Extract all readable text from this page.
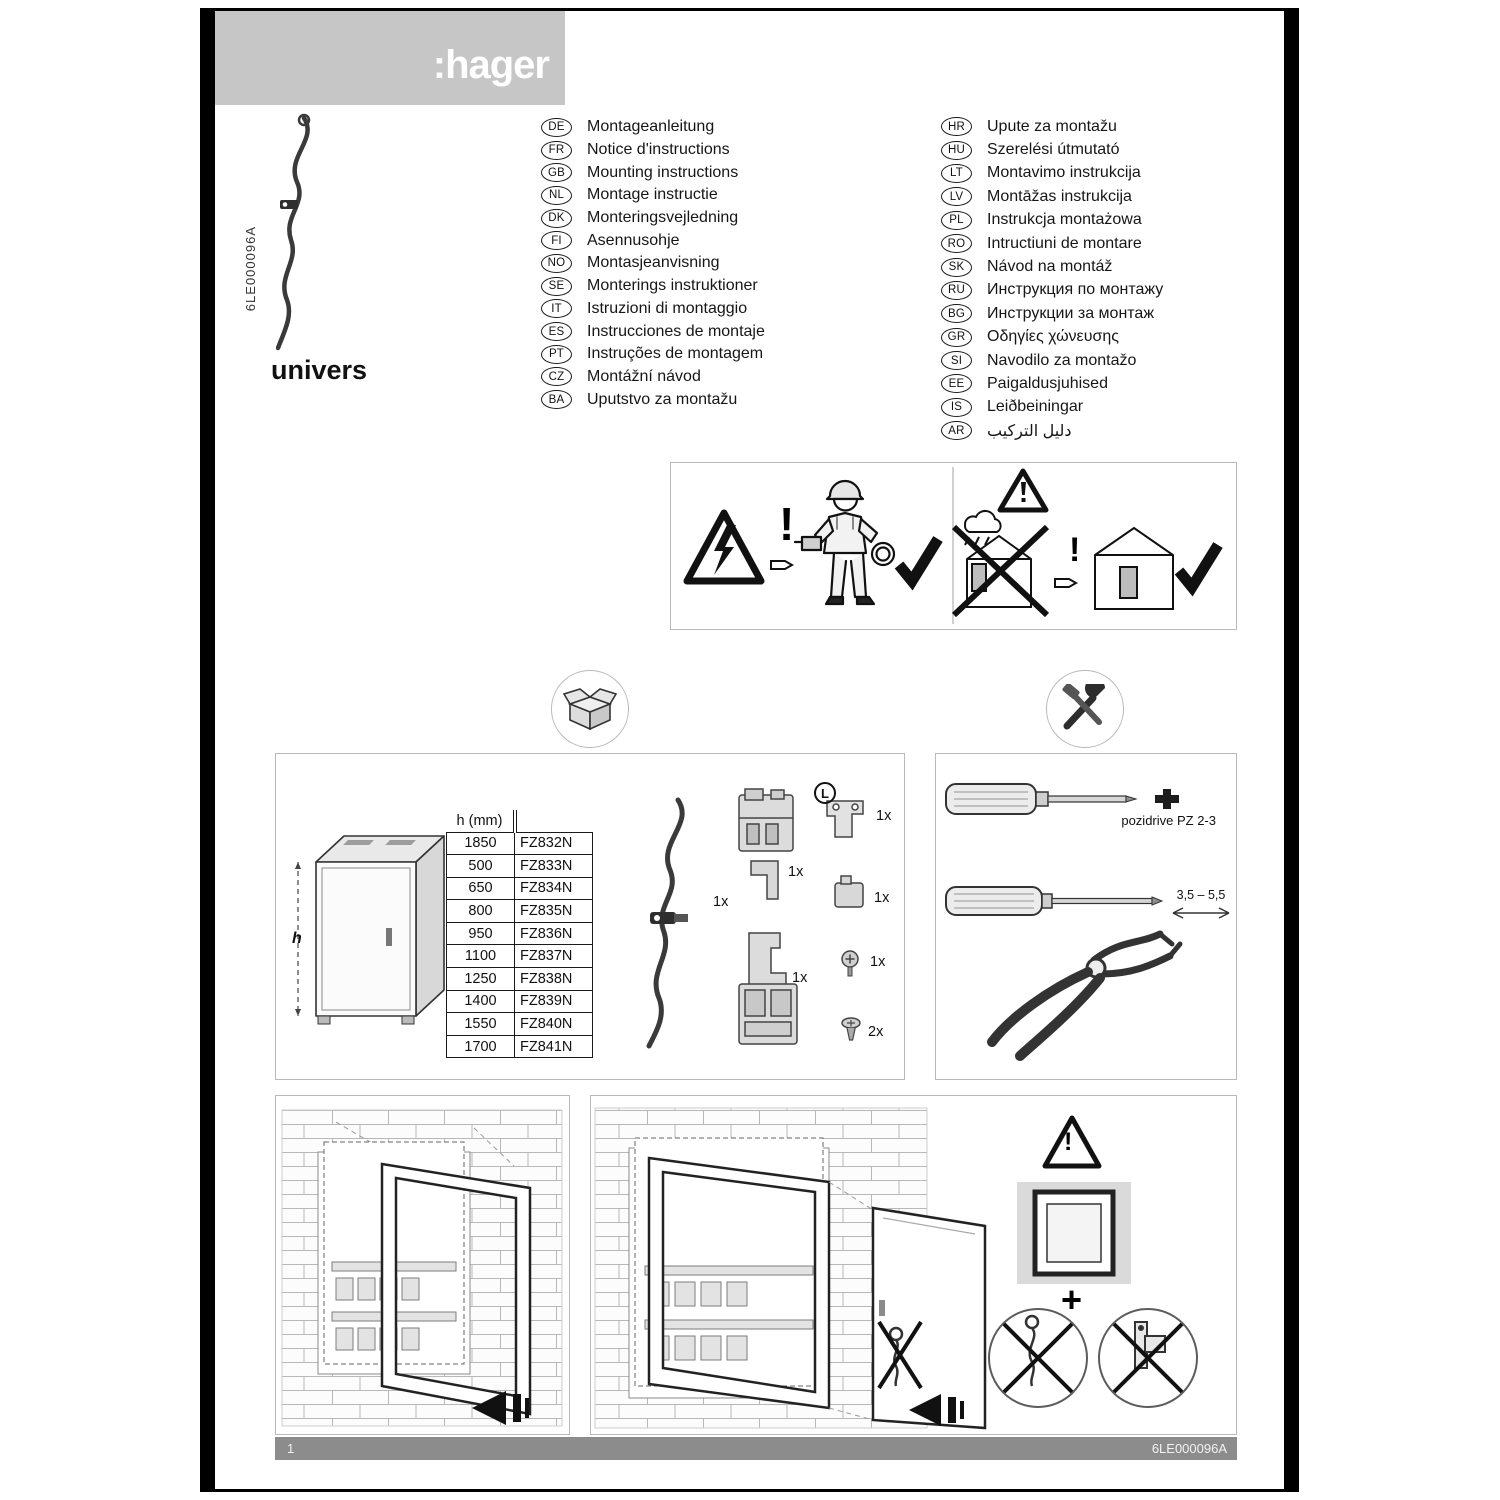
:hager
6LE000096A
univers
DE	Montageanleitung
FR	Notice d'instructions
GB	Mounting instructions
NL	Montage instructie
DK	Monteringsvejledning
FI	Asennusohje
NO	Montasjeanvisning
SE	Monterings instruktioner
IT	Istruzioni di montaggio
ES	Instrucciones de montaje
PT	Instruções de montagem
CZ	Montážní návod
BA	Uputstvo za montažu
HR	Upute za montažu
HU	Szerelési útmutató
LT	Montavimo instrukcija
LV	Montāžas instrukcija
PL	Instrukcja montażowa
RO	Intructiuni de montare
SK	Návod na montáž
RU	Инструкция по монтажу
BG	Инструкции за монтаж
GR	Οδηγίες χώνευσης
SI	Navodilo za montažo
EE	Paigaldusjuhised
IS	Leiðbeiningar
AR	دليل التركيب
!	!
h
h (mm)	
1850	FZ832N
500	FZ833N
650	FZ834N
800	FZ835N
950	FZ836N
1100	FZ837N
1250	FZ838N
1400	FZ839N
1550	FZ840N
1700	FZ841N
1x
L
1x
1x
1x
1x
1x
2x
pozidrive PZ 2-3
3,5 – 5,5
!
+
1	6LE000096A
